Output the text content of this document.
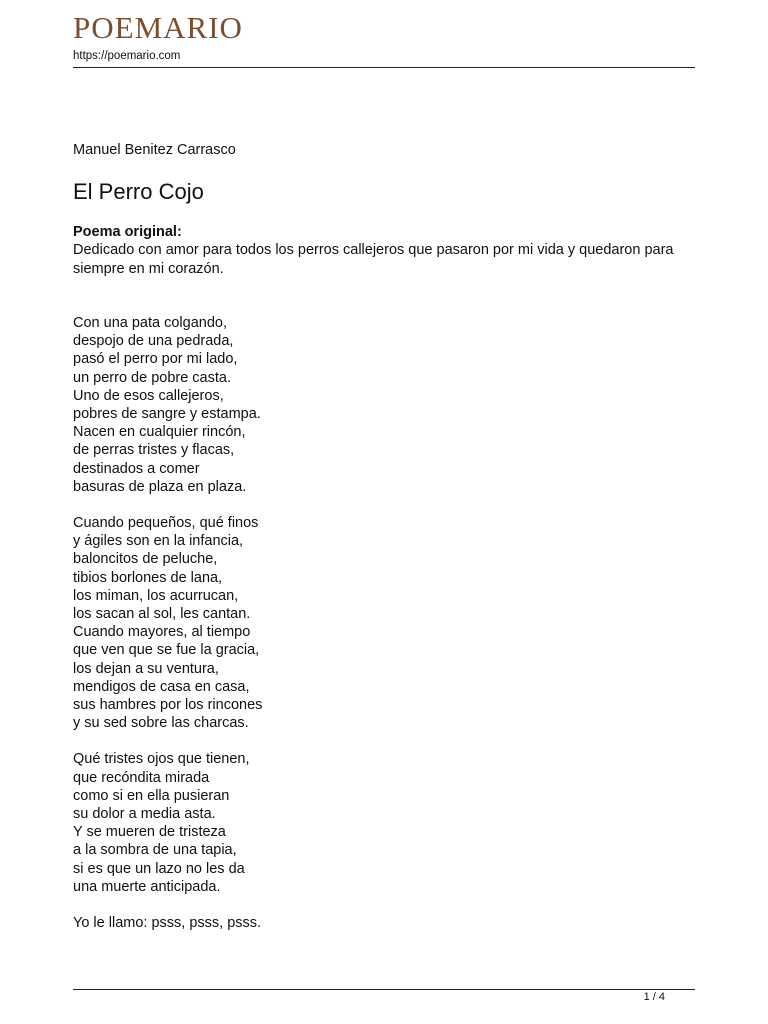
POEMARIO
https://poemario.com

Manuel Benitez Carrasco

El Perro Cojo
Poema original:
Dedicado con amor para todos los perros callejeros que pasaron por mi vida y quedaron para siempre en mi corazón.
Con una pata colgando,
despojo de una pedrada,
pasó el perro por mi lado,
un perro de pobre casta.
Uno de esos callejeros,
pobres de sangre y estampa.
Nacen en cualquier rincón,
de perras tristes y flacas,
destinados a comer
basuras de plaza en plaza.
Cuando pequeños, qué finos
y ágiles son en la infancia,
baloncitos de peluche,
tibios borlones de lana,
los miman, los acurrucan,
los sacan al sol, les cantan.
Cuando mayores, al tiempo
que ven que se fue la gracia,
los dejan a su ventura,
mendigos de casa en casa,
sus hambres por los rincones
y su sed sobre las charcas.
Qué tristes ojos que tienen,
que recóndita mirada
como si en ella pusieran
su dolor a media asta.
Y se mueren de tristeza
a la sombra de una tapia,
si es que un lazo no les da
una muerte anticipada.
Yo le llamo: psss, psss, psss.
1 / 4
